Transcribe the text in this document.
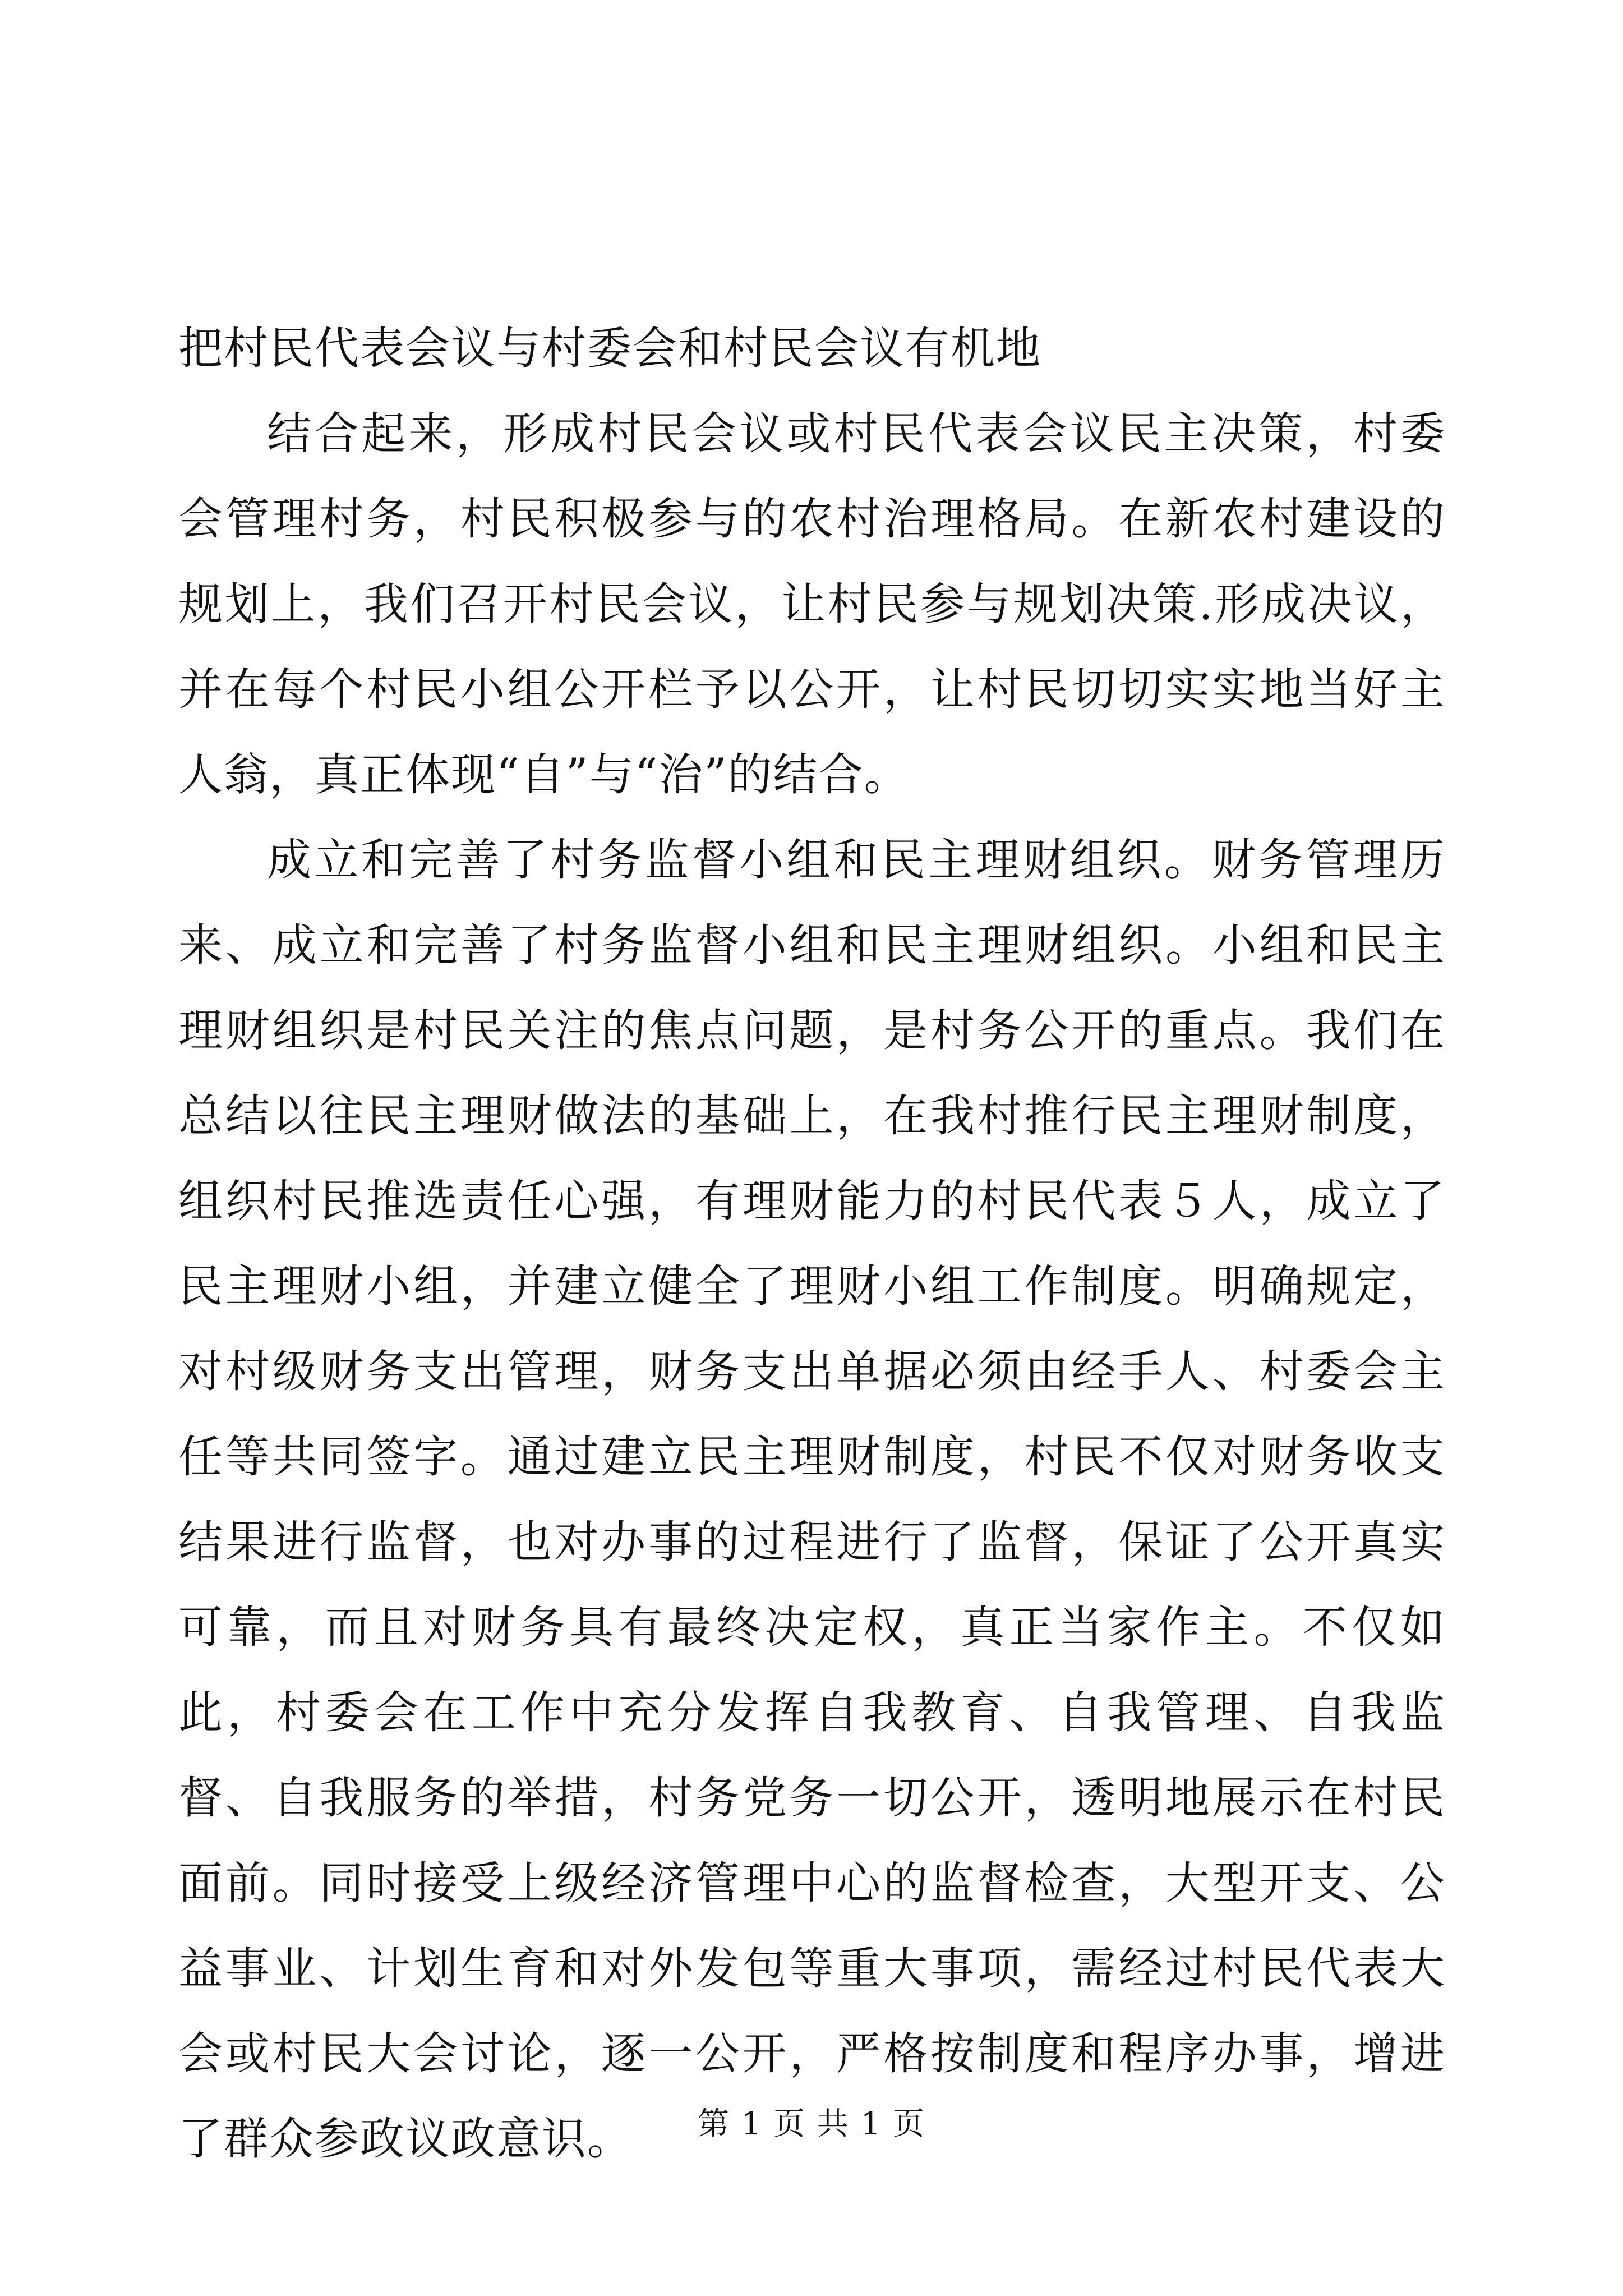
把村民代表会议与村委会和村民会议有机地

结合起来，形成村民会议或村民代表会议民主决策，村委会管理村务，村民积极参与的农村治理格局。在新农村建设的规划上，我们召开村民会议，让村民参与规划决策.形成决议，并在每个村民小组公开栏予以公开，让村民切切实实地当好主人翁，真正体现“自”与“治”的结合。

成立和完善了村务监督小组和民主理财组织。财务管理历来、成立和完善了村务监督小组和民主理财组织。小组和民主理财组织是村民关注的焦点问题，是村务公开的重点。我们在总结以往民主理财做法的基础上，在我村推行民主理财制度，组织村民推选责任心强，有理财能力的村民代表５人，成立了民主理财小组，并建立健全了理财小组工作制度。明确规定，对村级财务支出管理，财务支出单据必须由经手人、村委会主任等共同签字。通过建立民主理财制度，村民不仅对财务收支结果进行监督，也对办事的过程进行了监督，保证了公开真实可靠，而且对财务具有最终决定权，真正当家作主。不仅如此，村委会在工作中充分发挥自我教育、自我管理、自我监督、自我服务的举措，村务党务一切公开，透明地展示在村民面前。同时接受上级经济管理中心的监督检查，大型开支、公益事业、计划生育和对外发包等重大事项，需经过村民代表大会或村民大会讨论，逐一公开，严格按制度和程序办事，增进了群众参政议政意识。	第 1 页 共 1 页
